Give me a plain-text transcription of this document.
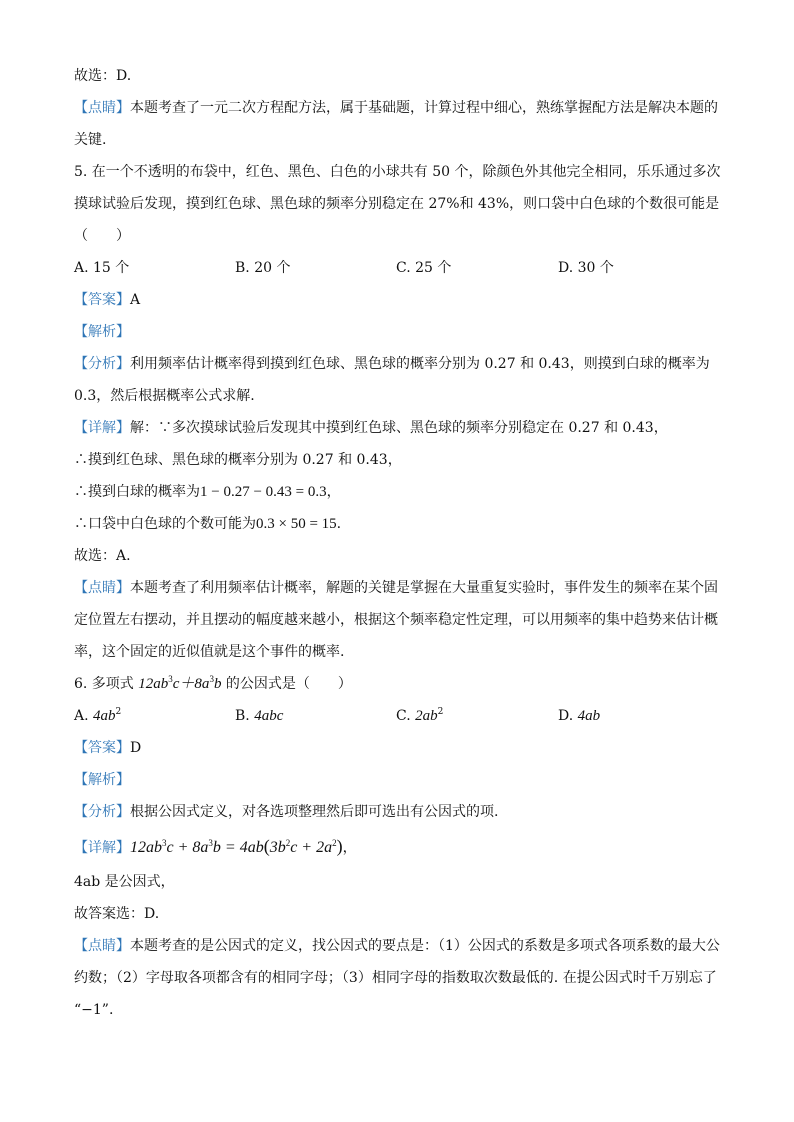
故选：D.
【点睛】本题考查了一元二次方程配方法，属于基础题，计算过程中细心，熟练掌握配方法是解决本题的
关键.
5. 在一个不透明的布袋中，红色、黑色、白色的小球共有 50 个，除颜色外其他完全相同，乐乐通过多次
摸球试验后发现，摸到红色球、黑色球的频率分别稳定在 27%和 43%，则口袋中白色球的个数很可能是
（　　）
A. 15 个	B. 20 个	C. 25 个	D. 30 个
【答案】A
【解析】
【分析】利用频率估计概率得到摸到红色球、黑色球的概率分别为 0.27 和 0.43，则摸到白球的概率为
0.3，然后根据概率公式求解.
【详解】解：∵多次摸球试验后发现其中摸到红色球、黑色球的频率分别稳定在 0.27 和 0.43，
∴摸到红色球、黑色球的概率分别为 0.27 和 0.43，
∴摸到白球的概率为1 − 0.27 − 0.43 = 0.3，
∴口袋中白色球的个数可能为0.3 × 50 = 15.
故选：A.
【点睛】本题考查了利用频率估计概率，解题的关键是掌握在大量重复实验时，事件发生的频率在某个固
定位置左右摆动，并且摆动的幅度越来越小，根据这个频率稳定性定理，可以用频率的集中趋势来估计概
率，这个固定的近似值就是这个事件的概率.
6. 多项式 $12ab^3c+8a^3b$ 的公因式是（　　）
A. $4ab^2$	B. 4abc	C. $2ab^2$	D. 4ab
【答案】D
【解析】
【分析】根据公因式定义，对各选项整理然后即可选出有公因式的项.
【详解】$12ab^3c + 8a^3b = 4ab(3b^2c + 2a^2)$，
4ab 是公因式，
故答案选：D.
【点睛】本题考查的是公因式的定义，找公因式的要点是：（1）公因式的系数是多项式各项系数的最大公
约数；（2）字母取各项都含有的相同字母；（3）相同字母的指数取次数最低的. 在提公因式时千万别忘了
“−1”.
